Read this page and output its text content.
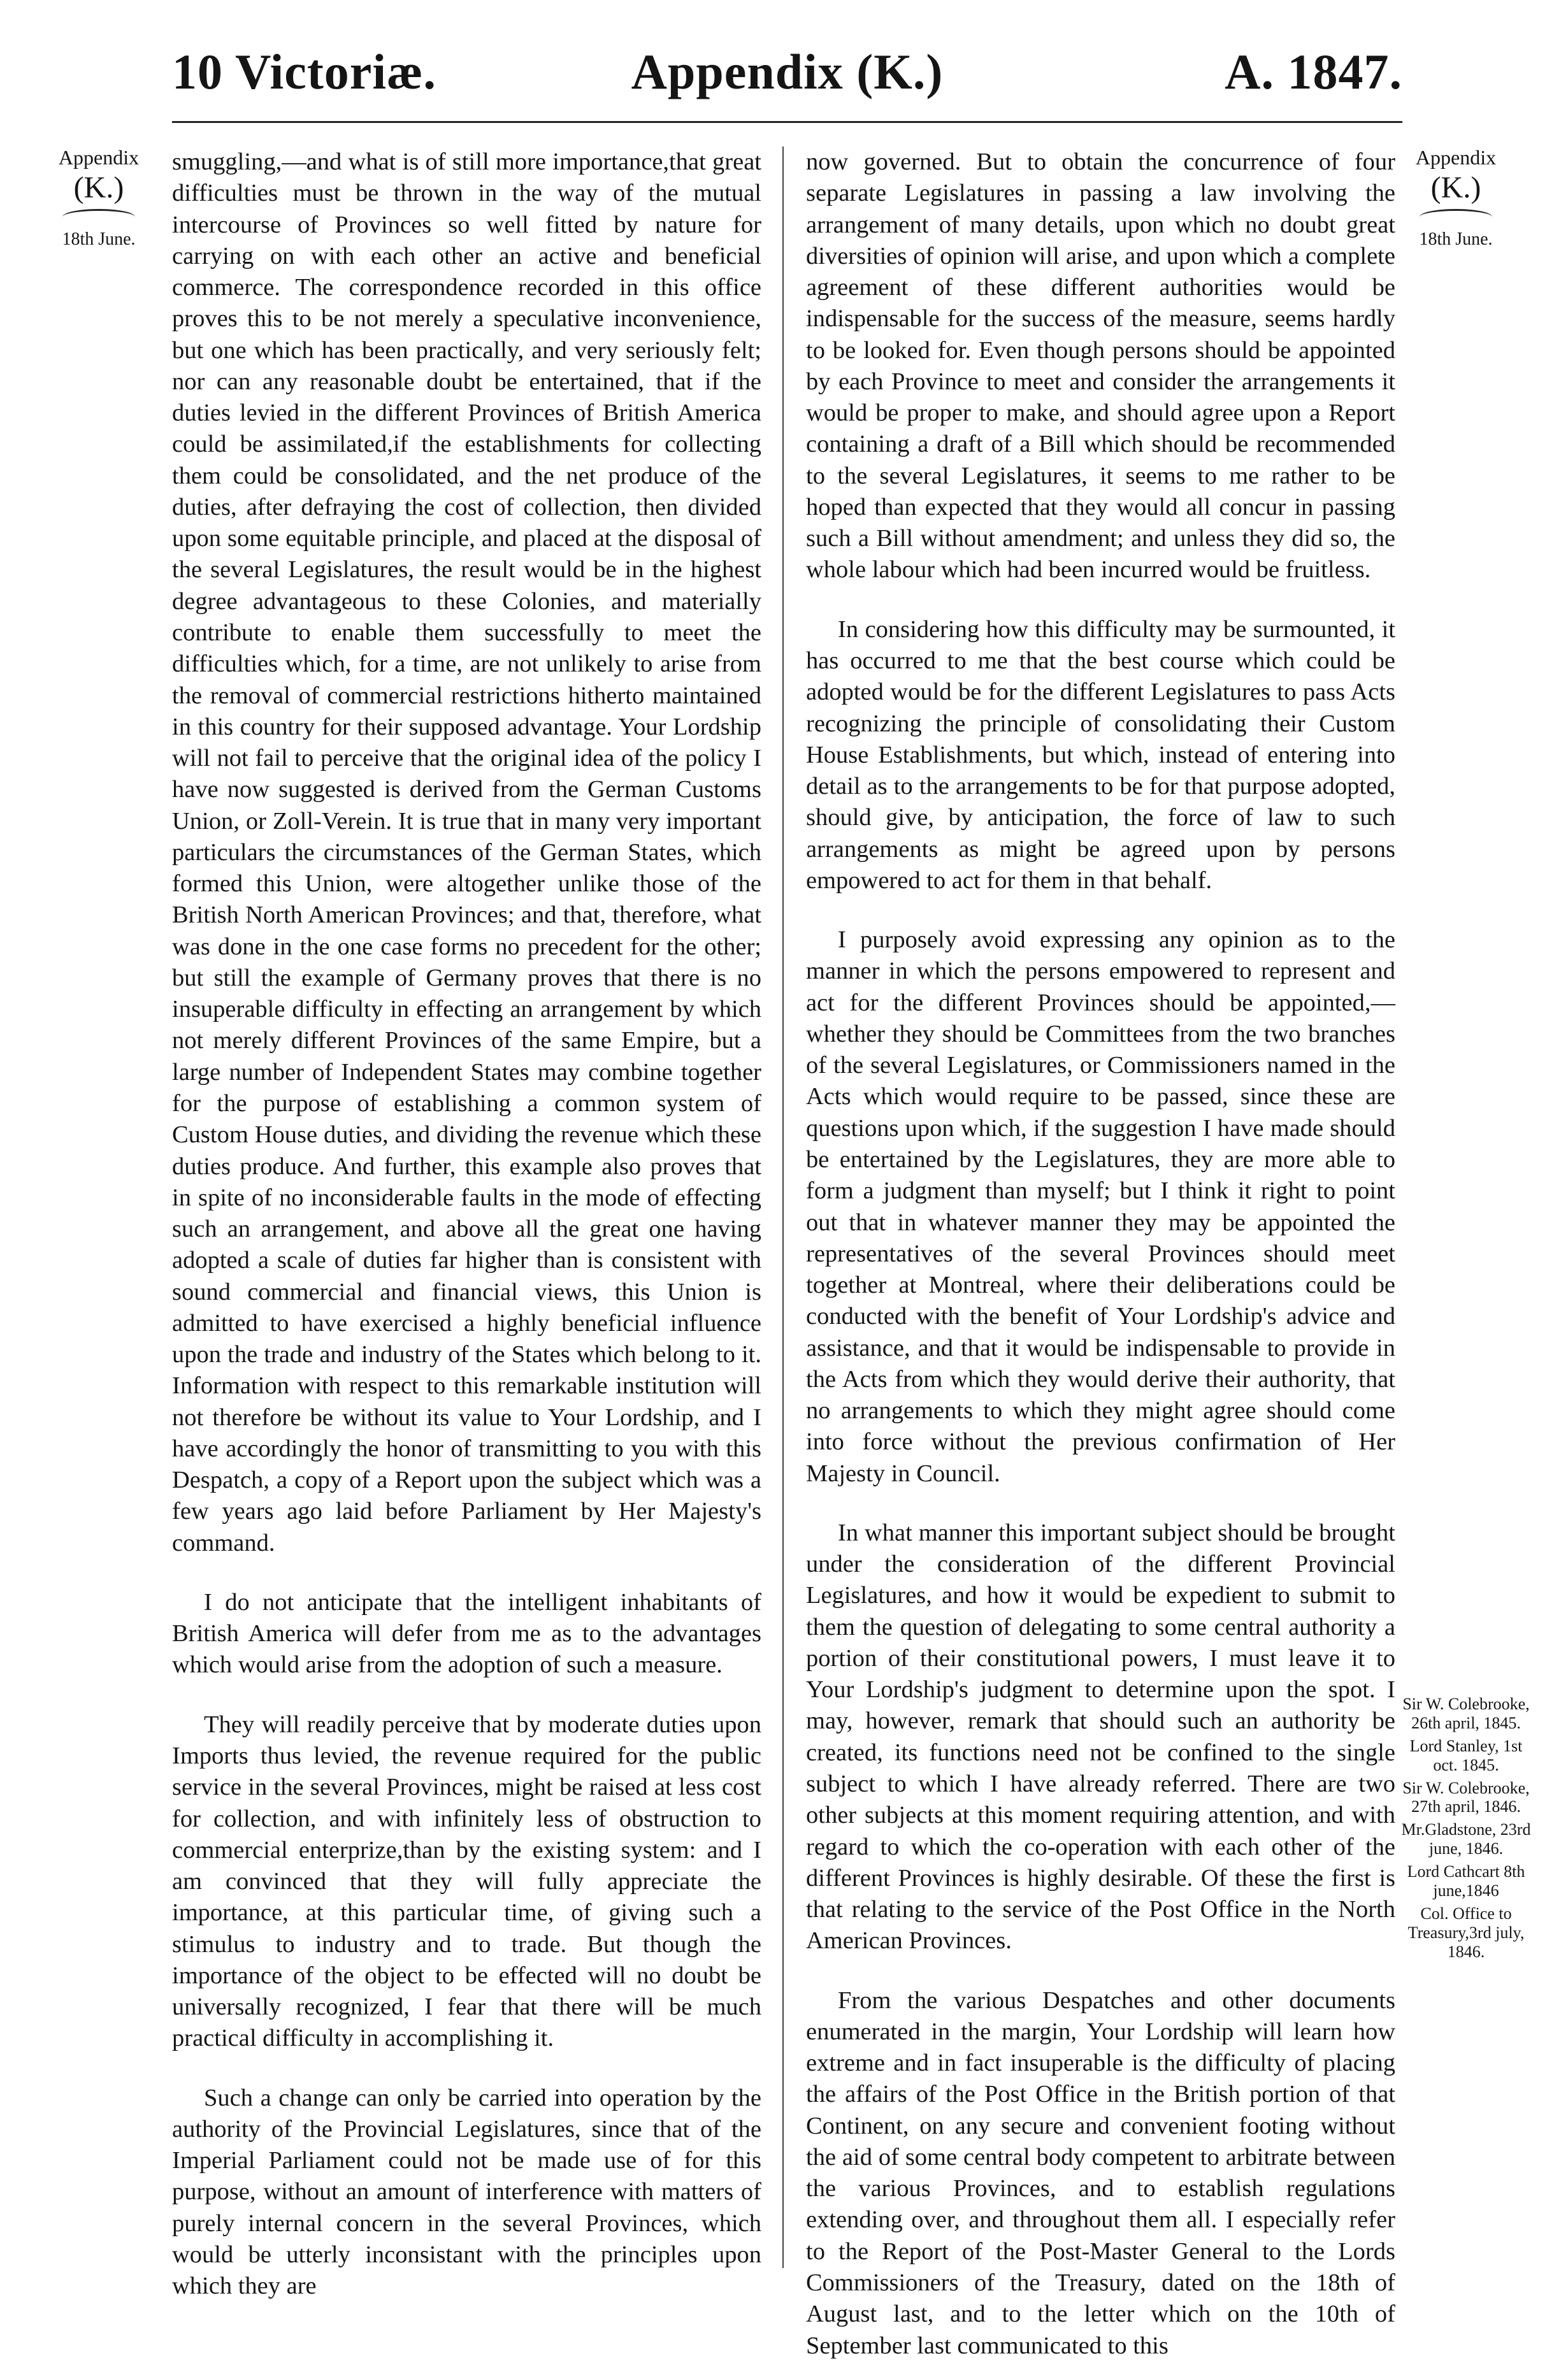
10 Victoriæ.	Appendix (K.)	A. 1847.
Appendix
(K.)
18th June.
Appendix
(K.)
18th June.

smuggling,—and what is of still more importance,that great difficulties must be thrown in the way of the mutual intercourse of Provinces so well fitted by nature for carrying on with each other an active and beneficial commerce. The correspondence recorded in this office proves this to be not merely a speculative inconvenience, but one which has been practically, and very seriously felt; nor can any reasonable doubt be entertained, that if the duties levied in the different Provinces of British America could be assimilated,if the establishments for collecting them could be consolidated, and the net produce of the duties, after defraying the cost of collection, then divided upon some equitable principle, and placed at the disposal of the several Legislatures, the result would be in the highest degree advantageous to these Colonies, and materially contribute to enable them successfully to meet the difficulties which, for a time, are not unlikely to arise from the removal of commercial restrictions hitherto maintained in this country for their supposed advantage. Your Lordship will not fail to perceive that the original idea of the policy I have now suggested is derived from the German Customs Union, or Zoll-Verein. It is true that in many very important particulars the circumstances of the German States, which formed this Union, were altogether unlike those of the British North American Provinces; and that, therefore, what was done in the one case forms no precedent for the other; but still the example of Germany proves that there is no insuperable difficulty in effecting an arrangement by which not merely different Provinces of the same Empire, but a large number of Independent States may combine together for the purpose of establishing a common system of Custom House duties, and dividing the revenue which these duties produce. And further, this example also proves that in spite of no inconsiderable faults in the mode of effecting such an arrangement, and above all the great one having adopted a scale of duties far higher than is consistent with sound commercial and financial views, this Union is admitted to have exercised a highly beneficial influence upon the trade and industry of the States which belong to it. Information with respect to this remarkable institution will not therefore be without its value to Your Lordship, and I have accordingly the honor of transmitting to you with this Despatch, a copy of a Report upon the subject which was a few years ago laid before Parliament by Her Majesty's command.

I do not anticipate that the intelligent inhabitants of British America will defer from me as to the advantages which would arise from the adoption of such a measure.

They will readily perceive that by moderate duties upon Imports thus levied, the revenue required for the public service in the several Provinces, might be raised at less cost for collection, and with infinitely less of obstruction to commercial enterprize,than by the existing system: and I am convinced that they will fully appreciate the importance, at this particular time, of giving such a stimulus to industry and to trade. But though the importance of the object to be effected will no doubt be universally recognized, I fear that there will be much practical difficulty in accomplishing it.

Such a change can only be carried into operation by the authority of the Provincial Legislatures, since that of the Imperial Parliament could not be made use of for this purpose, without an amount of interference with matters of purely internal concern in the several Provinces, which would be utterly inconsistant with the principles upon which they are

now governed. But to obtain the concurrence of four separate Legislatures in passing a law involving the arrangement of many details, upon which no doubt great diversities of opinion will arise, and upon which a complete agreement of these different authorities would be indispensable for the success of the measure, seems hardly to be looked for. Even though persons should be appointed by each Province to meet and consider the arrangements it would be proper to make, and should agree upon a Report containing a draft of a Bill which should be recommended to the several Legislatures, it seems to me rather to be hoped than expected that they would all concur in passing such a Bill without amendment; and unless they did so, the whole labour which had been incurred would be fruitless.

In considering how this difficulty may be surmounted, it has occurred to me that the best course which could be adopted would be for the different Legislatures to pass Acts recognizing the principle of consolidating their Custom House Establishments, but which, instead of entering into detail as to the arrangements to be for that purpose adopted, should give, by anticipation, the force of law to such arrangements as might be agreed upon by persons empowered to act for them in that behalf.

I purposely avoid expressing any opinion as to the manner in which the persons empowered to represent and act for the different Provinces should be appointed,—whether they should be Committees from the two branches of the several Legislatures, or Commissioners named in the Acts which would require to be passed, since these are questions upon which, if the suggestion I have made should be entertained by the Legislatures, they are more able to form a judgment than myself; but I think it right to point out that in whatever manner they may be appointed the representatives of the several Provinces should meet together at Montreal, where their deliberations could be conducted with the benefit of Your Lordship's advice and assistance, and that it would be indispensable to provide in the Acts from which they would derive their authority, that no arrangements to which they might agree should come into force without the previous confirmation of Her Majesty in Council.

In what manner this important subject should be brought under the consideration of the different Provincial Legislatures, and how it would be expedient to submit to them the question of delegating to some central authority a portion of their constitutional powers, I must leave it to Your Lordship's judgment to determine upon the spot. I may, however, remark that should such an authority be created, its functions need not be confined to the single subject to which I have already referred. There are two other subjects at this moment requiring attention, and with regard to which the co-operation with each other of the different Provinces is highly desirable. Of these the first is that relating to the service of the Post Office in the North American Provinces.

From the various Despatches and other documents enumerated in the margin, Your Lordship will learn how extreme and in fact insuperable is the difficulty of placing the affairs of the Post Office in the British portion of that Continent, on any secure and convenient footing without the aid of some central body competent to arbitrate between the various Provinces, and to establish regulations extending over, and throughout them all. I especially refer to the Report of the Post-Master General to the Lords Commissioners of the Treasury, dated on the 18th of August last, and to the letter which on the 10th of September last communicated to this

Sir W. Colebrooke, 26th april, 1845.
Lord Stanley, 1st oct. 1845.
Sir W. Colebrooke, 27th april, 1846.
Mr.Gladstone, 23rd june, 1846.
Lord Cathcart 8th june,1846
Col. Office to Treasury,3rd july, 1846.
